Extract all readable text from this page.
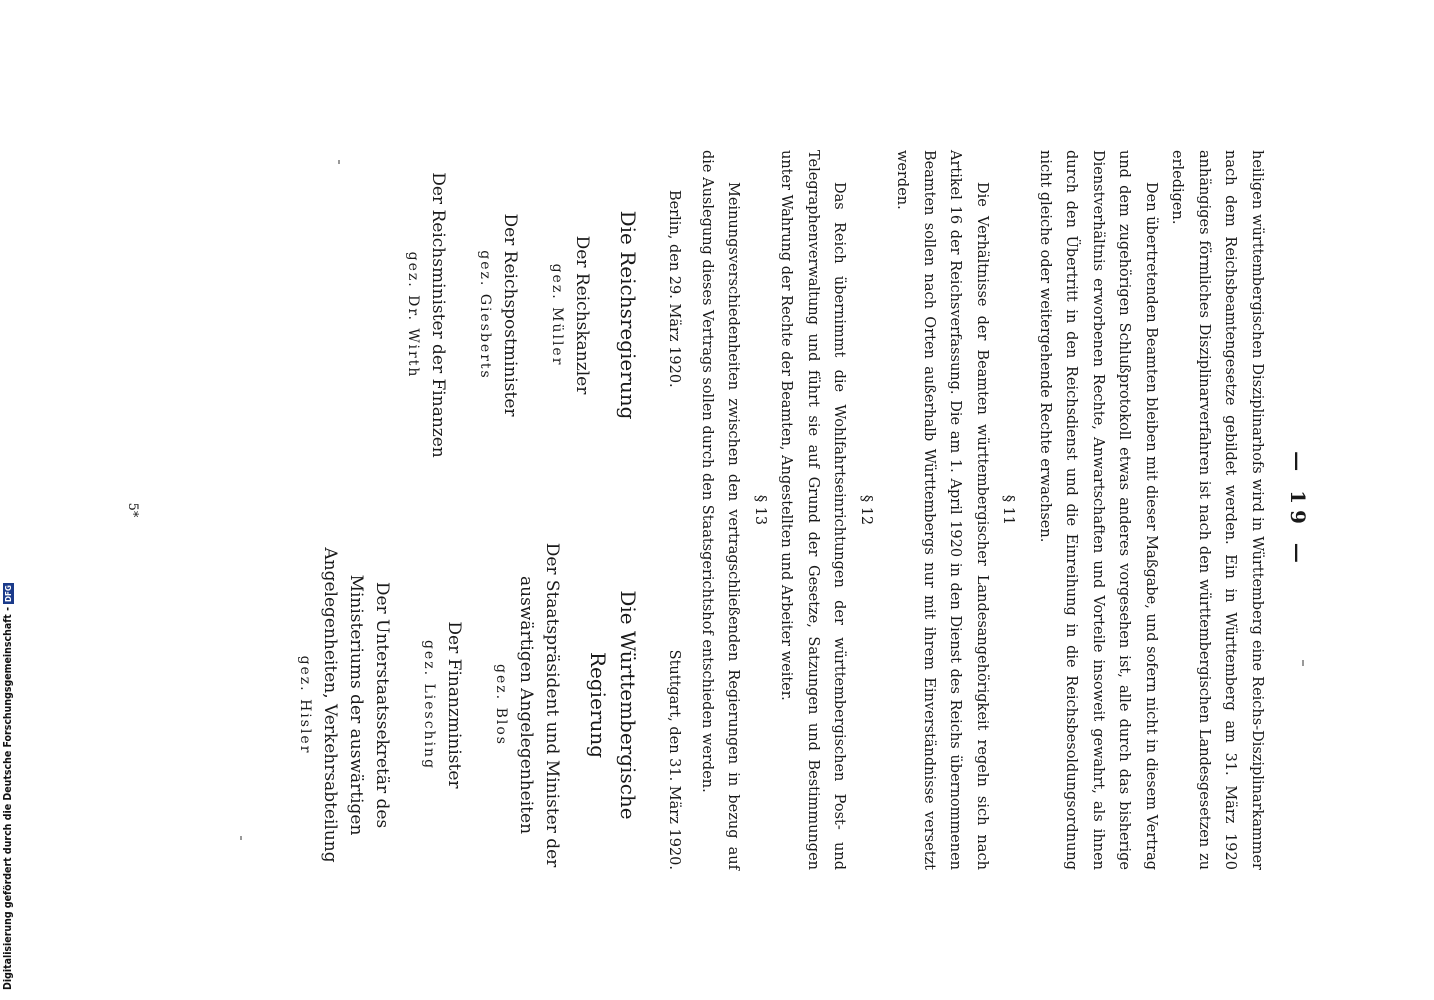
— 19 —

heiligen württembergischen Disziplinarhofs wird in Württemberg eine Reichs-Disziplinarkammer nach dem Reichsbeamtengesetze gebildet werden. Ein in Württemberg am 31. März 1920 anhängiges förmliches Disziplinarverfahren ist nach den württembergischen Landesgesetzen zu erledigen.

Den übertretenden Beamten bleiben mit dieser Maßgabe, und sofern nicht in diesem Vertrag und dem zugehörigen Schlußprotokoll etwas anderes vorgesehen ist, alle durch das bisherige Dienstverhältnis erworbenen Rechte, Anwartschaften und Vorteile insoweit gewahrt, als ihnen durch den Übertritt in den Reichsdienst und die Einreihung in die Reichsbesoldungsordnung nicht gleiche oder weitergehende Rechte erwachsen.

§ 11

Die Verhältnisse der Beamten württembergischer Landesangehörigkeit regeln sich nach Artikel 16 der Reichsverfassung. Die am 1. April 1920 in den Dienst des Reichs übernommenen Beamten sollen nach Orten außerhalb Württembergs nur mit ihrem Einverständnisse versetzt werden.

§ 12

Das Reich übernimmt die Wohlfahrtseinrichtungen der württembergischen Post- und Telegraphenverwaltung und führt sie auf Grund der Gesetze, Satzungen und Bestimmungen unter Wahrung der Rechte der Beamten, Angestellten und Arbeiter weiter.

§ 13

Meinungsverschiedenheiten zwischen den vertragschließenden Regierungen in bezug auf die Auslegung dieses Vertrags sollen durch den Staatsgerichtshof entschieden werden.

Berlin, den 29. März 1920.
Stuttgart, den 31. März 1920.
Die Reichsregierung
Der Reichskanzler
gez. Müller
Der Reichspostminister
gez. Giesberts
Der Reichsminister der Finanzen
gez. Dr. Wirth
Die Württembergische Regierung
Der Staatspräsident und Minister der auswärtigen Angelegenheiten
gez. Blos
Der Finanzminister
gez. Liesching
Der Unterstaatssekretär des Ministeriums der auswärtigen Angelegenheiten, Verkehrsabteilung
gez. Hisler
5*
Digitalisierung gefördert durch die Deutsche Forschungsgemeinschaft -
DFG
